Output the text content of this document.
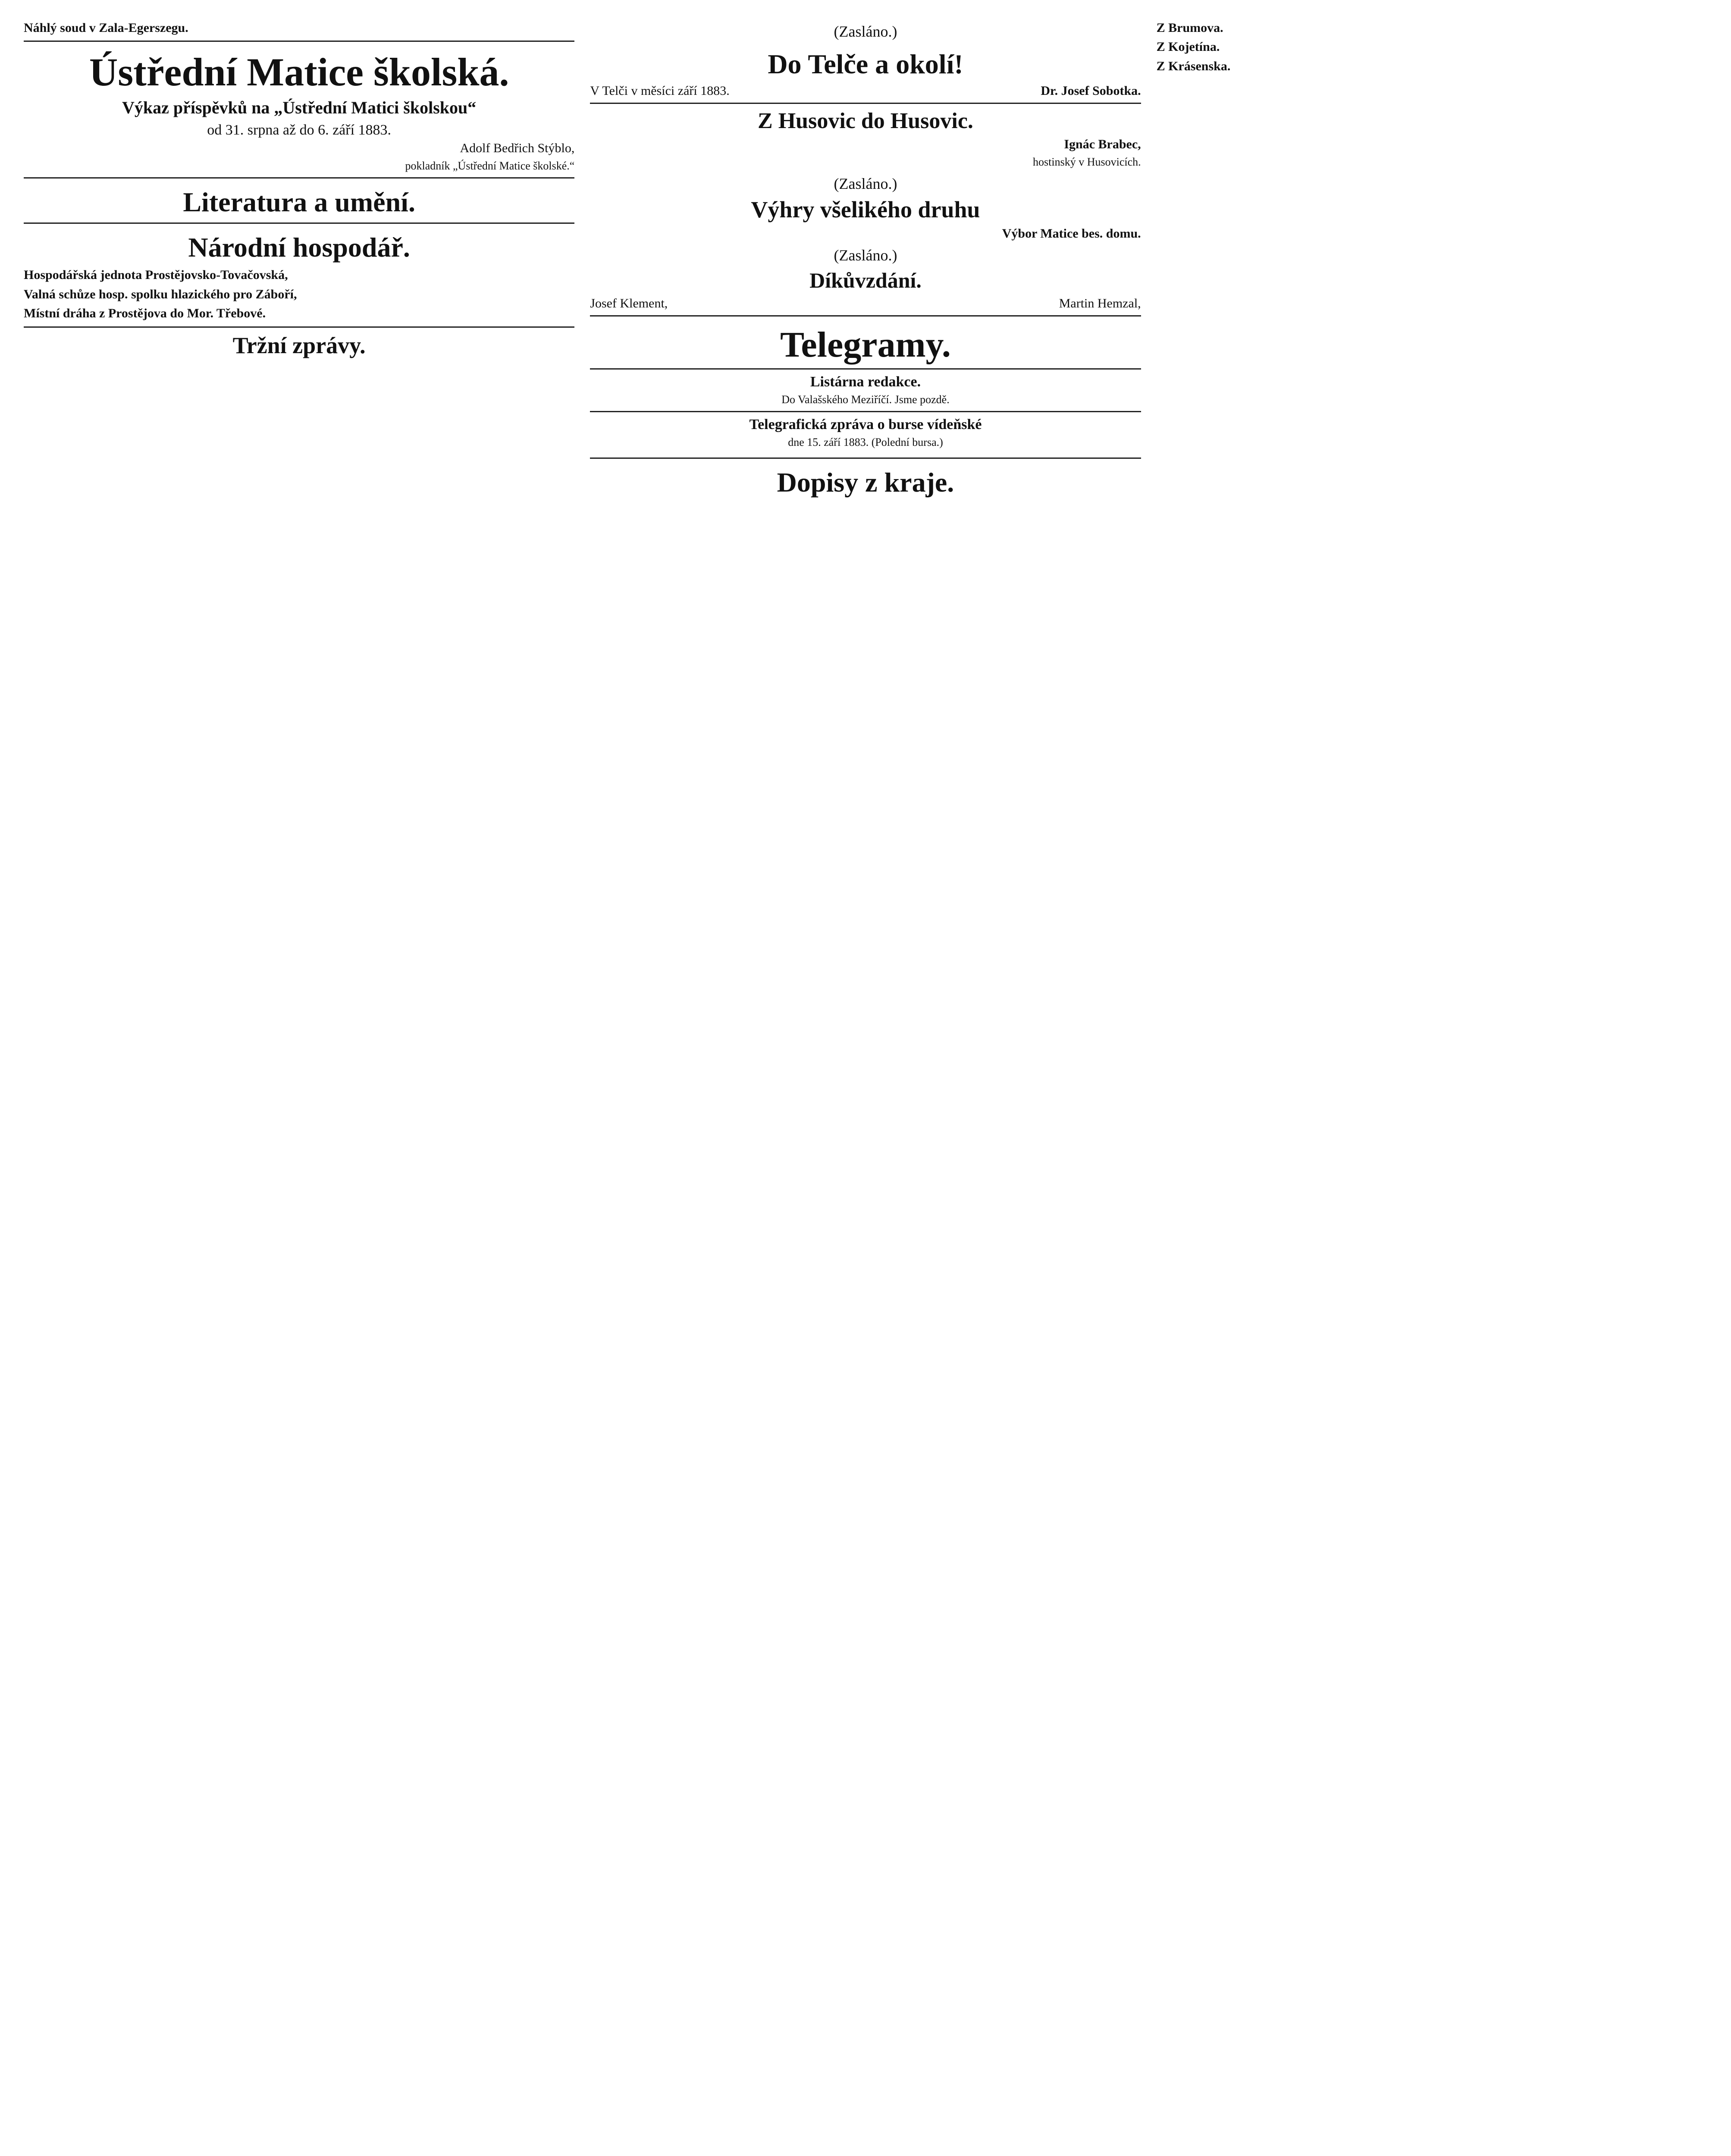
Náhlý soud v Zala-Egerszegu.
Ústřední Matice školská.
Výkaz příspěvků na „Ústřední Matici školskou“
od 31. srpna až do 6. září 1883.
Adolf Bedřich Stýblo,
pokladník „Ústřední Matice školské.“
Literatura a umění.
Národní hospodář.
Hospodářská jednota Prostějovsko-Tovačovská,
Valná schůze hosp. spolku hlazického pro Záboří,
Místní dráha z Prostějova do Mor. Třebové.
Tržní zprávy.
(Zasláno.)
Do Telče a okolí!
V Telči v měsíci září 1883.	Dr. Josef Sobotka.
Z Husovic do Husovic.
Ignác Brabec,
hostinský v Husovicích.
(Zasláno.)
Výhry všelikého druhu
Výbor Matice bes. domu.
(Zasláno.)
Díkůvzdání.
Josef Klement,	Martin Hemzal,
Telegramy.
Listárna redakce.
Do Valašského Meziříčí. Jsme pozdě.
Telegrafická zpráva o burse vídeňské
dne 15. září 1883. (Polední bursa.)
Dopisy z kraje.
Z Brumova.
Z Kojetína.
Z Krásenska.
